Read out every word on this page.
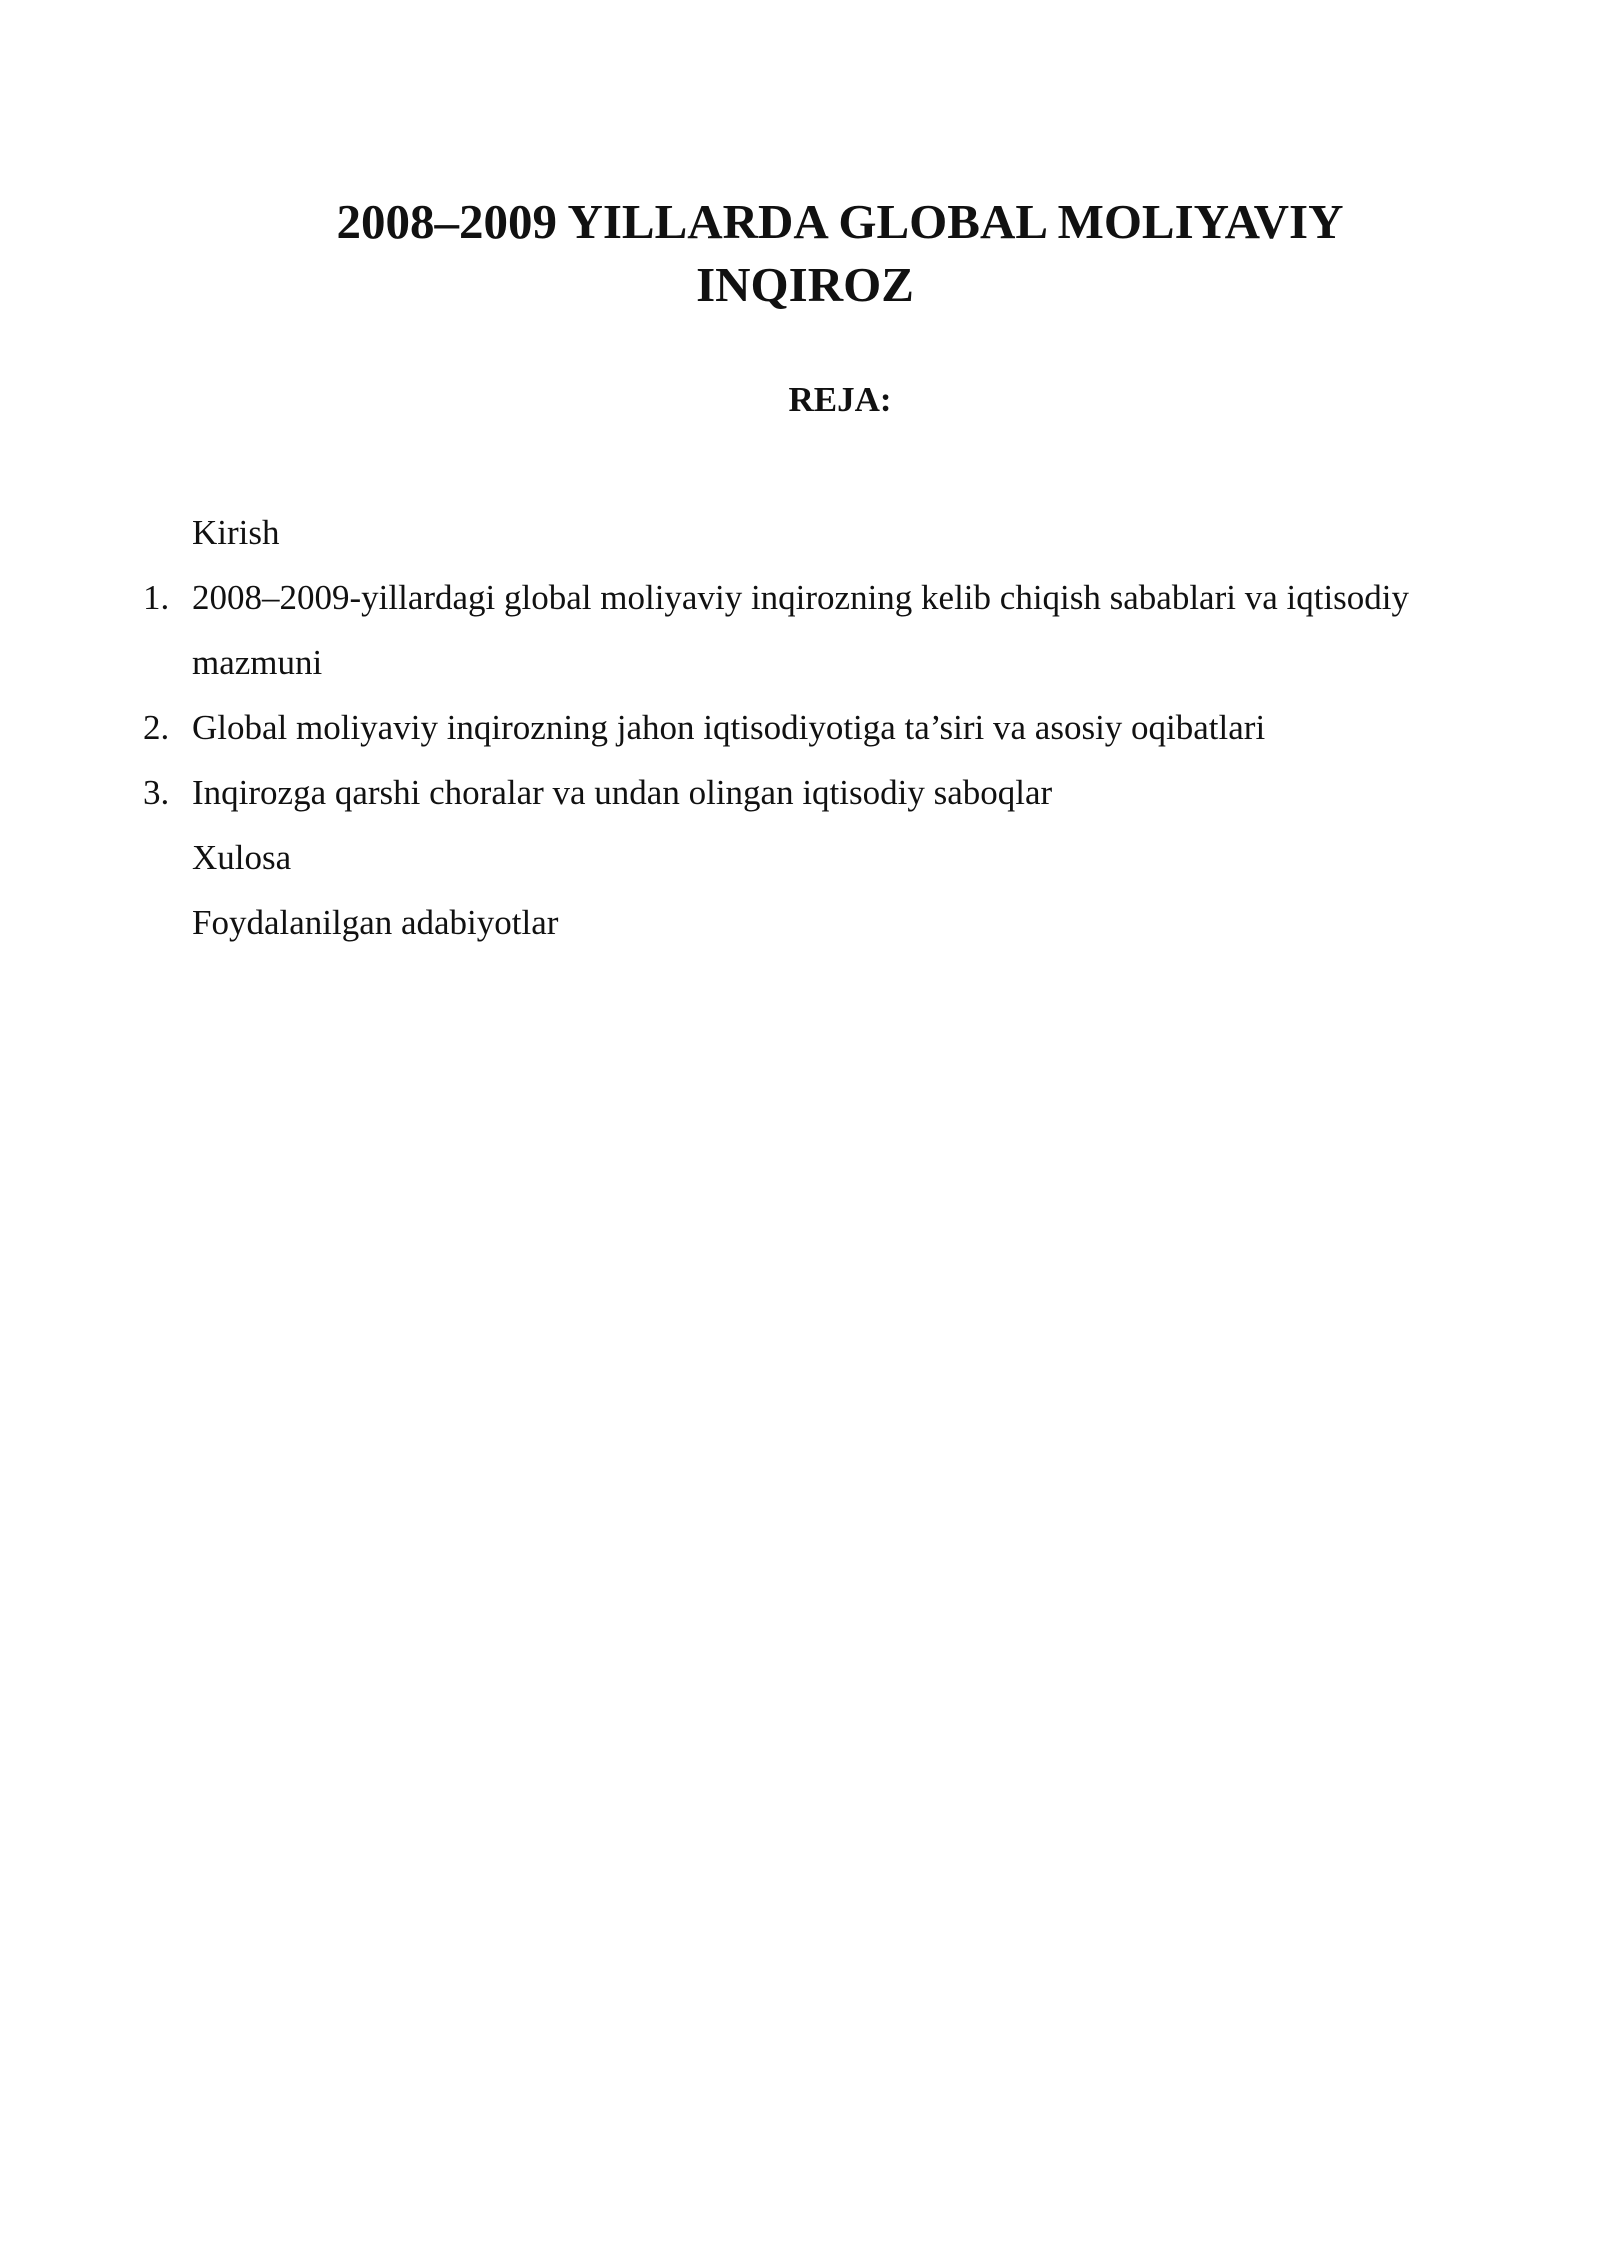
2008–2009 YILLARDA GLOBAL MOLIYAVIY
INQIROZ
REJA:
Kirish
1. 2008–2009-yillardagi global moliyaviy inqirozning kelib chiqish sabablari va iqtisodiy mazmuni
2. Global moliyaviy inqirozning jahon iqtisodiyotiga ta’siri va asosiy oqibatlari
3. Inqirozga qarshi choralar va undan olingan iqtisodiy saboqlar
Xulosa
Foydalanilgan adabiyotlar
